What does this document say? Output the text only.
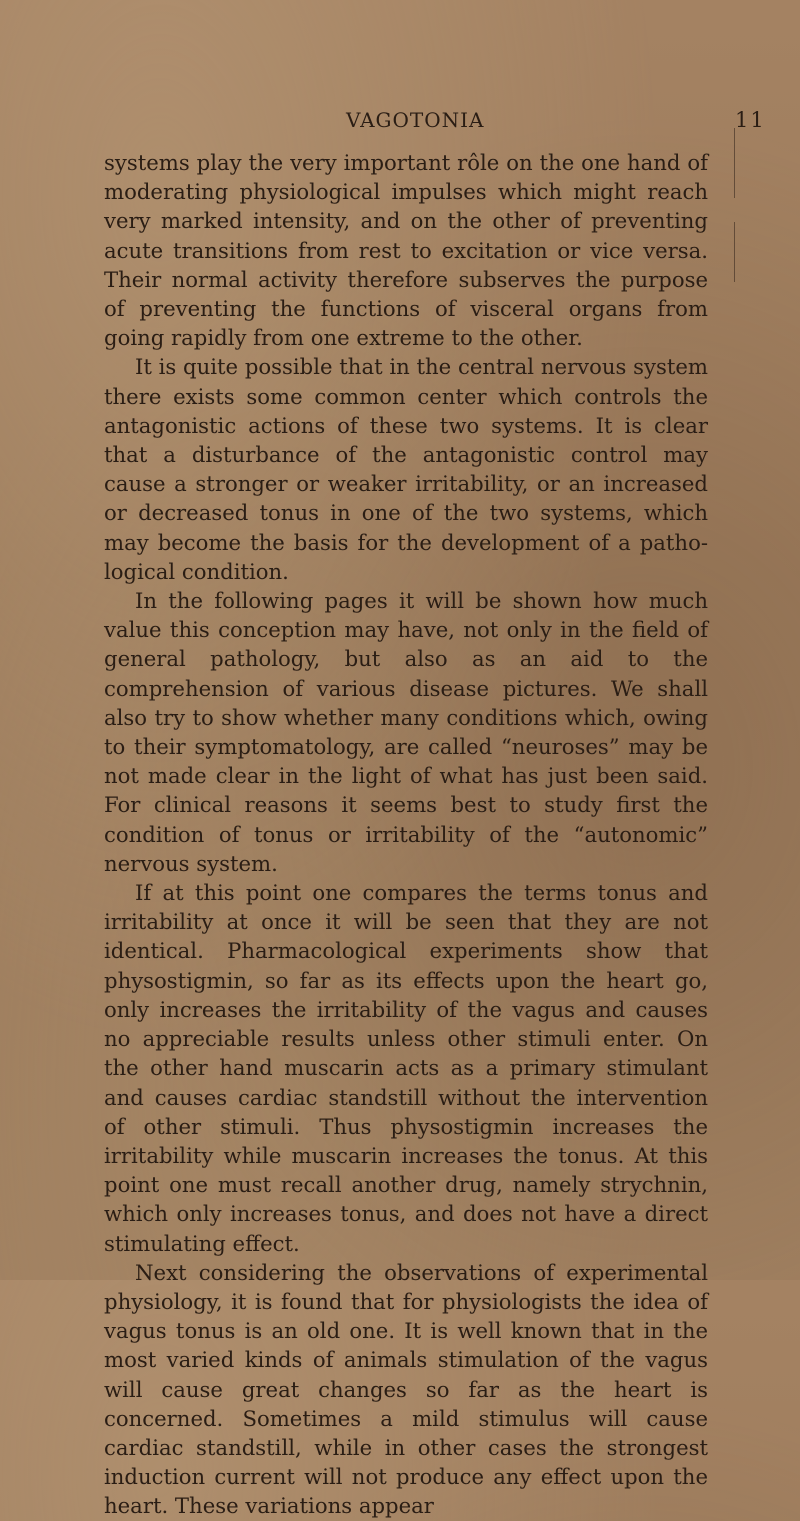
VAGOTONIA	11

systems play the very important rôle on the one hand of moderating physiological impulses which might reach very marked intensity, and on the other of preventing acute transitions from rest to excitation or vice versa. Their normal activity therefore subserves the purpose of preventing the functions of visceral organs from going rapidly from one extreme to the other.

It is quite possible that in the central nervous system there exists some common center which controls the antagonistic actions of these two systems. It is clear that a disturbance of the antagonistic control may cause a stronger or weaker irritability, or an increased or decreased tonus in one of the two systems, which may become the basis for the development of a pathological condition.

In the following pages it will be shown how much value this conception may have, not only in the field of general pathology, but also as an aid to the comprehension of various disease pictures. We shall also try to show whether many conditions which, owing to their symptomatology, are called “neuroses” may be not made clear in the light of what has just been said. For clinical reasons it seems best to study first the condition of tonus or irritability of the “autonomic” nervous system.

If at this point one compares the terms tonus and irritability at once it will be seen that they are not identical. Pharmacological experiments show that physostigmin, so far as its effects upon the heart go, only increases the irritability of the vagus and causes no appreciable results unless other stimuli enter. On the other hand muscarin acts as a primary stimulant and causes cardiac standstill without the intervention of other stimuli. Thus physostigmin increases the irritability while muscarin increases the tonus. At this point one must recall another drug, namely strychnin, which only increases tonus, and does not have a direct stimulating effect.

Next considering the observations of experimental physiology, it is found that for physiologists the idea of vagus tonus is an old one. It is well known that in the most varied kinds of animals stimulation of the vagus will cause great changes so far as the heart is concerned. Sometimes a mild stimulus will cause cardiac standstill, while in other cases the strongest induction current will not produce any effect upon the heart. These variations appear
